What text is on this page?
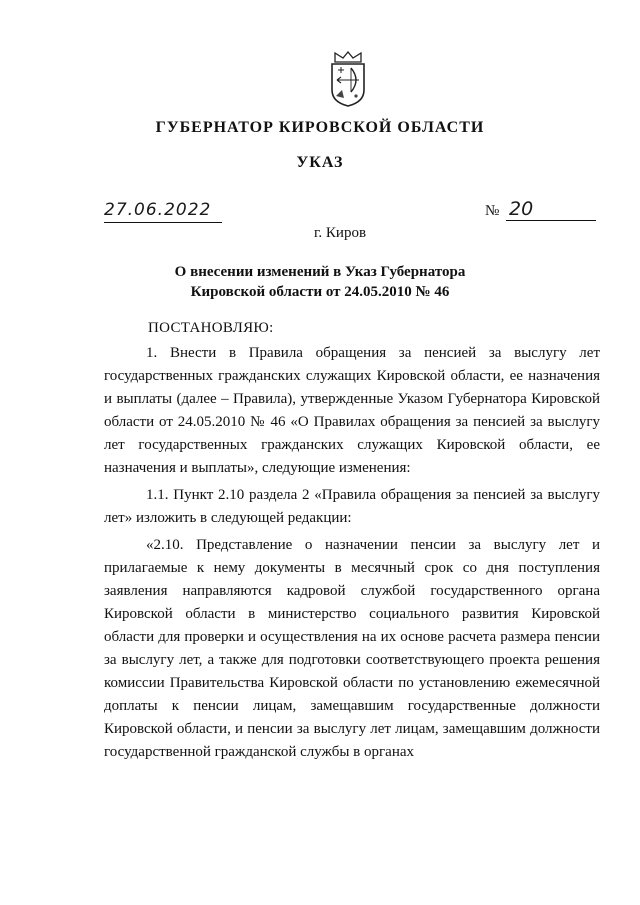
ГУБЕРНАТОР КИРОВСКОЙ ОБЛАСТИ
УКАЗ
27.06.2022	№ 20
г. Киров
О внесении изменений в Указ Губернатора
Кировской области от 24.05.2010 № 46
ПОСТАНОВЛЯЮ:

1. Внести в Правила обращения за пенсией за выслугу лет государственных гражданских служащих Кировской области, ее назначения и выплаты (далее – Правила), утвержденные Указом Губернатора Кировской области от 24.05.2010 № 46 «О Правилах обращения за пенсией за выслугу лет государственных гражданских служащих Кировской области, ее назначения и выплаты», следующие изменения:

1.1. Пункт 2.10 раздела 2 «Правила обращения за пенсией за выслугу лет» изложить в следующей редакции:

«2.10. Представление о назначении пенсии за выслугу лет и прилагаемые к нему документы в месячный срок со дня поступления заявления направляются кадровой службой государственного органа Кировской области в министерство социального развития Кировской области для проверки и осуществления на их основе расчета размера пенсии за выслугу лет, а также для подготовки соответствующего проекта решения комиссии Правительства Кировской области по установлению ежемесячной доплаты к пенсии лицам, замещавшим государственные должности Кировской области, и пенсии за выслугу лет лицам, замещавшим должности государственной гражданской службы в органах
